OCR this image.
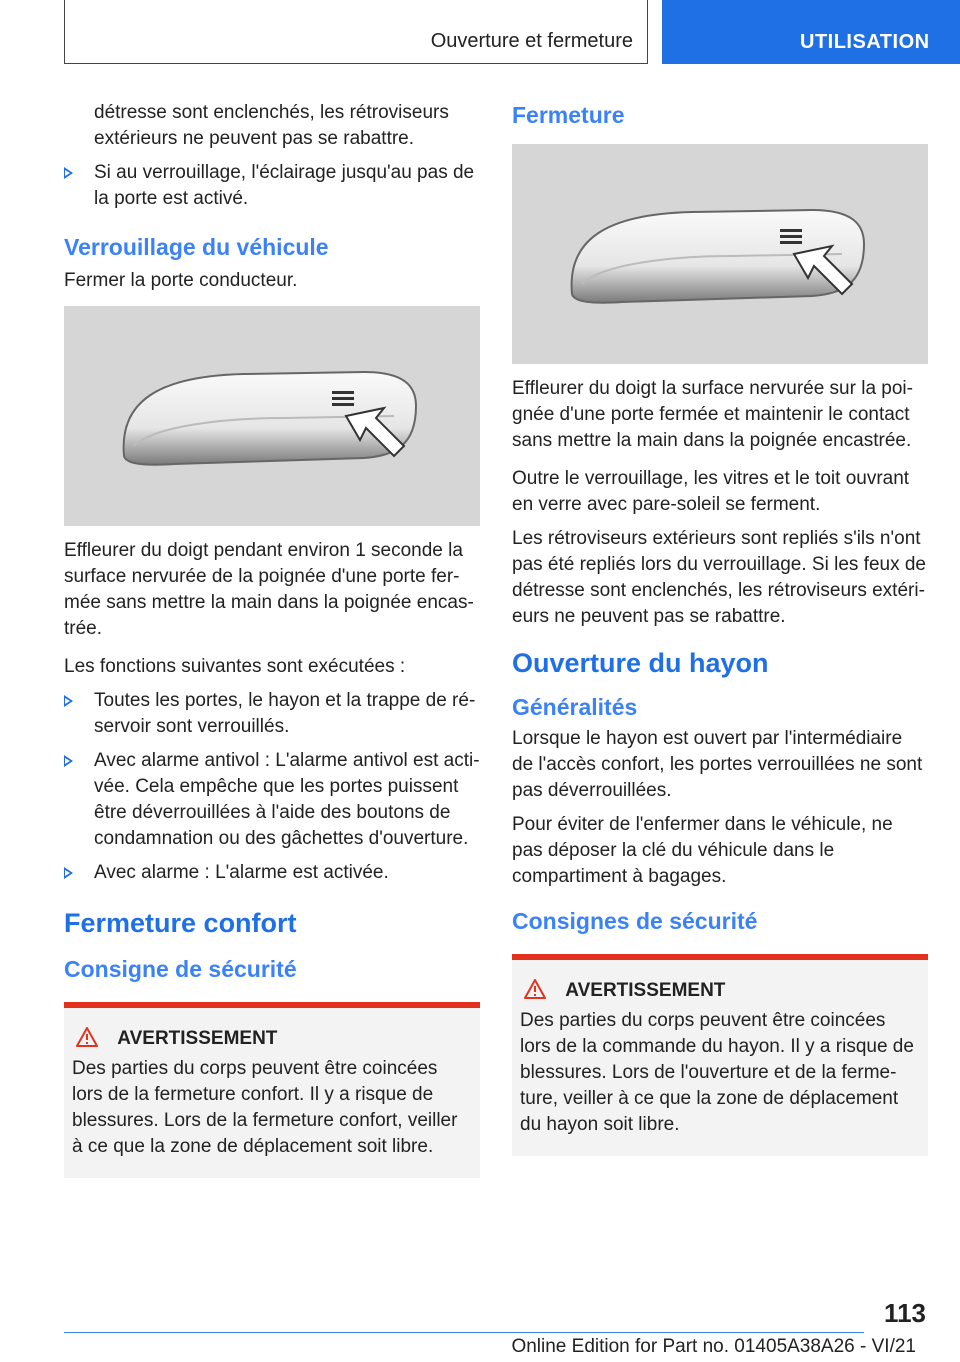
Ouverture et fermeture	UTILISATION

détresse sont enclenchés, les rétroviseurs extérieurs ne peuvent pas se rabattre.

Si au verrouillage, l'éclairage jusqu'au pas de la porte est activé.
Verrouillage du véhicule

Fermer la porte conducteur.

Effleurer du doigt pendant environ 1 seconde la surface nervurée de la poignée d'une porte fer‐mée sans mettre la main dans la poignée encas‐trée.

Les fonctions suivantes sont exécutées :

Toutes les portes, le hayon et la trappe de ré‐servoir sont verrouillés.
Avec alarme antivol : L'alarme antivol est acti‐vée. Cela empêche que les portes puissent être déverrouillées à l'aide des boutons de condamnation ou des gâchettes d'ouverture.
Avec alarme : L'alarme est activée.
Fermeture confort
Consigne de sécurité
AVERTISSEMENT

Des parties du corps peuvent être coincées lors de la fermeture confort. Il y a risque de blessures. Lors de la fermeture confort, veiller à ce que la zone de déplacement soit libre.

Fermeture

Effleurer du doigt la surface nervurée sur la poi‐gnée d'une porte fermée et maintenir le contact sans mettre la main dans la poignée encastrée.

Outre le verrouillage, les vitres et le toit ouvrant en verre avec pare-soleil se ferment.

Les rétroviseurs extérieurs sont repliés s'ils n'ont pas été repliés lors du verrouillage. Si les feux de détresse sont enclenchés, les rétroviseurs extéri‐eurs ne peuvent pas se rabattre.

Ouverture du hayon
Généralités

Lorsque le hayon est ouvert par l'intermédiaire de l'accès confort, les portes verrouillées ne sont pas déverrouillées.

Pour éviter de l'enfermer dans le véhicule, ne pas déposer la clé du véhicule dans le compartiment à bagages.

Consignes de sécurité
AVERTISSEMENT

Des parties du corps peuvent être coincées lors de la commande du hayon. Il y a risque de blessures. Lors de l'ouverture et de la ferme‐ture, veiller à ce que la zone de déplacement du hayon soit libre.

113
Online Edition for Part no. 01405A38A26 - VI/21
